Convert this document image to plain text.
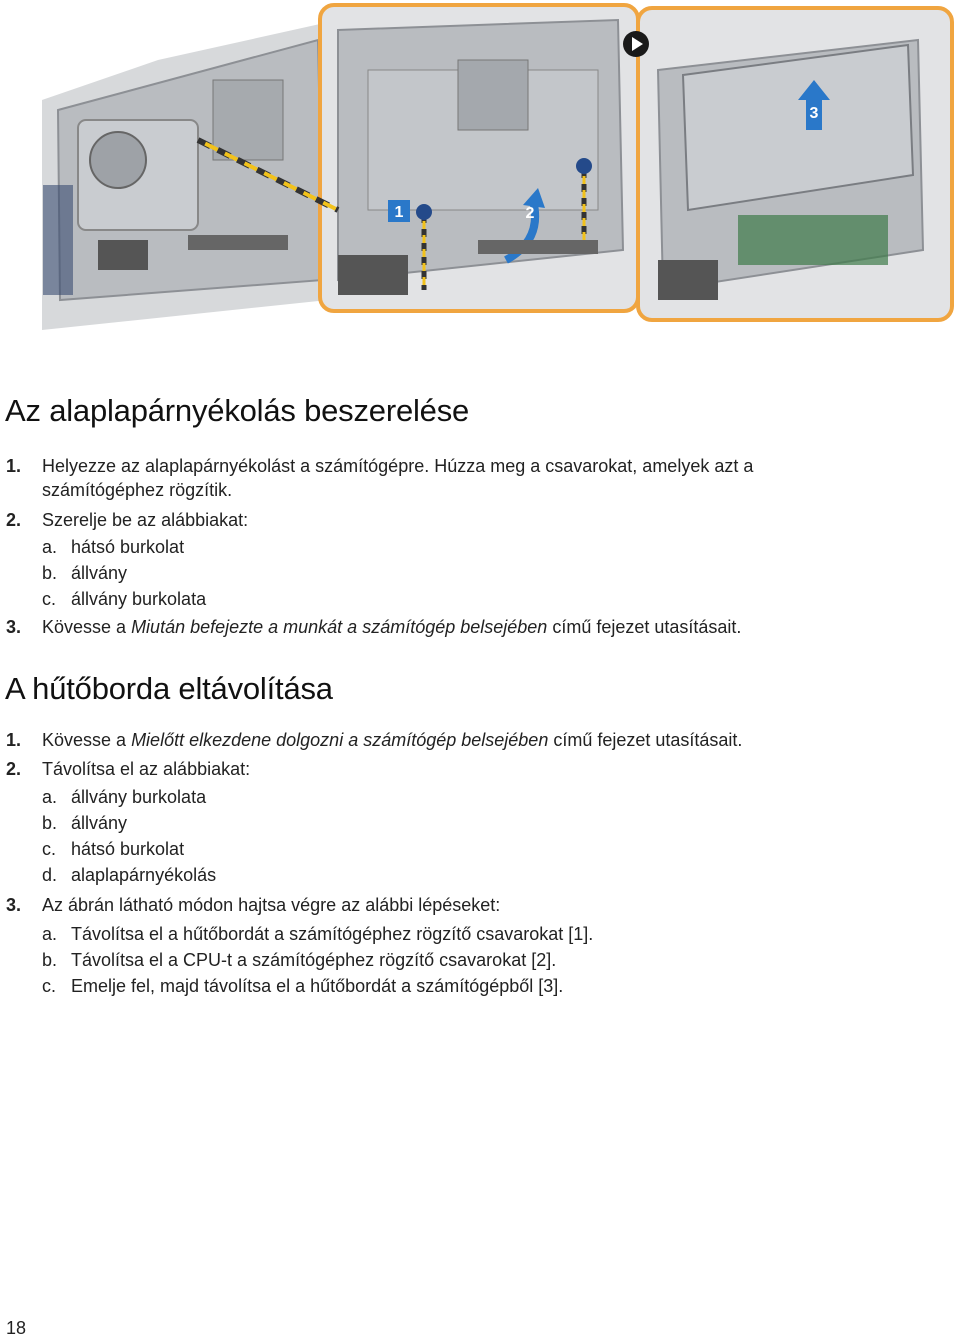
1	2
3
Az alaplapárnyékolás beszerelése
1. Helyezze az alaplapárnyékolást a számítógépre. Húzza meg a csavarokat, amelyek azt a
számítógéphez rögzítik.
2. Szerelje be az alábbiakat:
a. hátsó burkolat
b. állvány
c. állvány burkolata
3. Kövesse a Miután befejezte a munkát a számítógép belsejében című fejezet utasításait.
A hűtőborda eltávolítása
1. Kövesse a Mielőtt elkezdene dolgozni a számítógép belsejében című fejezet utasításait.
2. Távolítsa el az alábbiakat:
a. állvány burkolata
b. állvány
c. hátsó burkolat
d. alaplapárnyékolás
3. Az ábrán látható módon hajtsa végre az alábbi lépéseket:
a. Távolítsa el a hűtőbordát a számítógéphez rögzítő csavarokat [1].
b. Távolítsa el a CPU-t a számítógéphez rögzítő csavarokat [2].
c. Emelje fel, majd távolítsa el a hűtőbordát a számítógépből [3].
18
